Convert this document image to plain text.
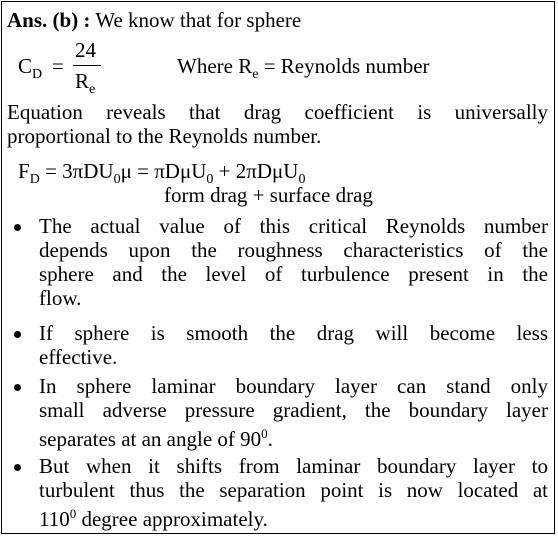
Ans. (b) : We know that for sphere
$C_D$ =
24
$R_e$
Where $R_e$ = Reynolds number
Equation reveals that drag coefficient is universally
proportional to the Reynolds number.
$F_D = 3\pi DU_0\mu = \pi D\mu U_0 + 2\pi D\mu U_0$
form drag + surface drag
The actual value of this critical Reynolds number
depends upon the roughness characteristics of the
sphere and the level of turbulence present in the
flow.
If sphere is smooth the drag will become less
effective.
In sphere laminar boundary layer can stand only
small adverse pressure gradient, the boundary layer
separates at an angle of $90^0$.
But when it shifts from laminar boundary layer to
turbulent thus the separation point is now located at
$110^0$ degree approximately.
